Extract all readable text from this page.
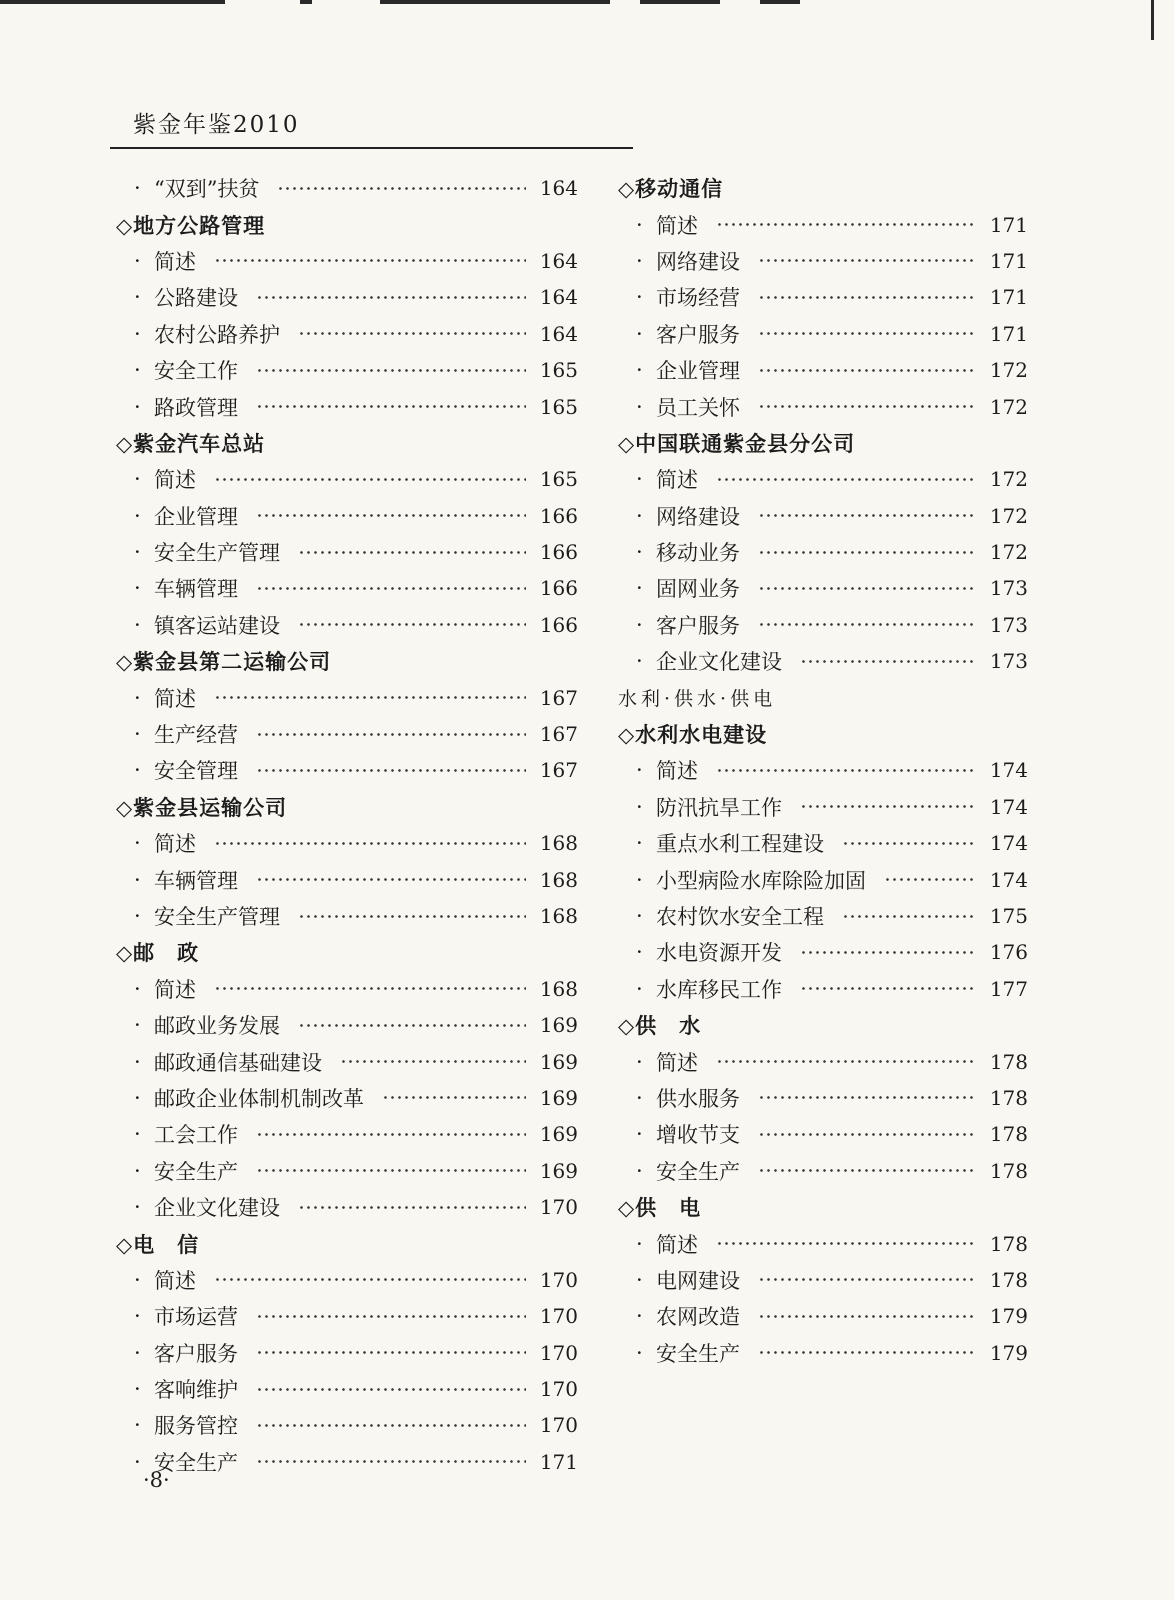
紫金年鉴2010
· “双到”扶贫	164
◇地方公路管理
· 简述	164
· 公路建设	164
· 农村公路养护	164
· 安全工作	165
· 路政管理	165
◇紫金汽车总站
· 简述	165
· 企业管理	166
· 安全生产管理	166
· 车辆管理	166
· 镇客运站建设	166
◇紫金县第二运输公司
· 简述	167
· 生产经营	167
· 安全管理	167
◇紫金县运输公司
· 简述	168
· 车辆管理	168
· 安全生产管理	168
◇邮　政
· 简述	168
· 邮政业务发展	169
· 邮政通信基础建设	169
· 邮政企业体制机制改革	169
· 工会工作	169
· 安全生产	169
· 企业文化建设	170
◇电　信
· 简述	170
· 市场运营	170
· 客户服务	170
· 客响维护	170
· 服务管控	170
· 安全生产	171
◇移动通信
· 简述	171
· 网络建设	171
· 市场经营	171
· 客户服务	171
· 企业管理	172
· 员工关怀	172
◇中国联通紫金县分公司
· 简述	172
· 网络建设	172
· 移动业务	172
· 固网业务	173
· 客户服务	173
· 企业文化建设	173
水利·供水·供电
◇水利水电建设
· 简述	174
· 防汛抗旱工作	174
· 重点水利工程建设	174
· 小型病险水库除险加固	174
· 农村饮水安全工程	175
· 水电资源开发	176
· 水库移民工作	177
◇供　水
· 简述	178
· 供水服务	178
· 增收节支	178
· 安全生产	178
◇供　电
· 简述	178
· 电网建设	178
· 农网改造	179
· 安全生产	179
·8·
